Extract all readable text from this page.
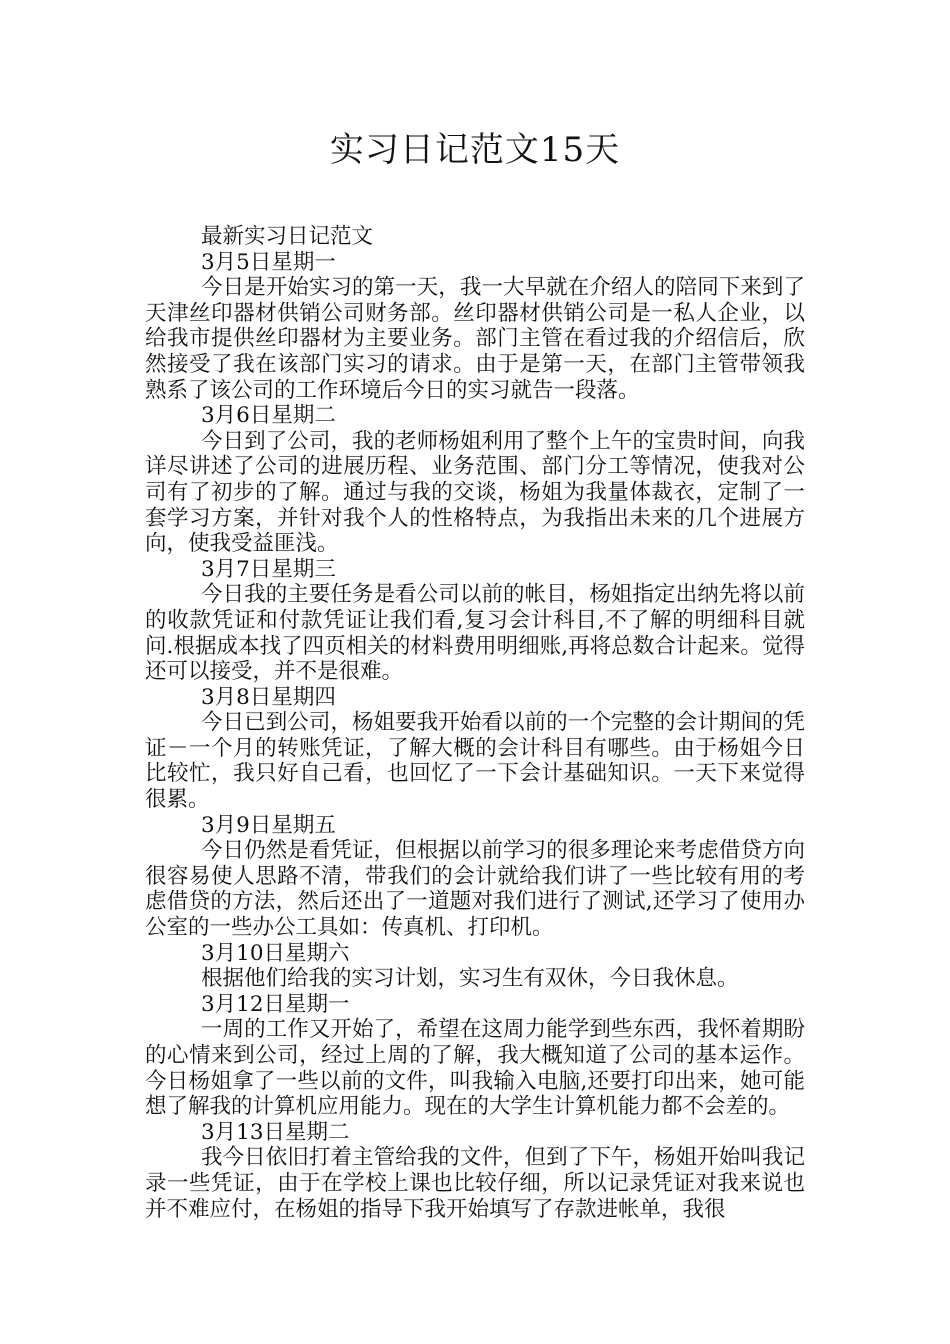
实习日记范文15天

最新实习日记范文

3月5日星期一

今日是开始实习的第一天，我一大早就在介绍人的陪同下来到了天津丝印器材供销公司财务部。丝印器材供销公司是一私人企业，以给我市提供丝印器材为主要业务。部门主管在看过我的介绍信后，欣然接受了我在该部门实习的请求。由于是第一天，在部门主管带领我熟系了该公司的工作环境后今日的实习就告一段落。

3月6日星期二

今日到了公司，我的老师杨姐利用了整个上午的宝贵时间，向我详尽讲述了公司的进展历程、业务范围、部门分工等情况，使我对公司有了初步的了解。通过与我的交谈，杨姐为我量体裁衣，定制了一套学习方案，并针对我个人的性格特点，为我指出未来的几个进展方向，使我受益匪浅。

3月7日星期三

今日我的主要任务是看公司以前的帐目，杨姐指定出纳先将以前的收款凭证和付款凭证让我们看,复习会计科目,不了解的明细科目就问.根据成本找了四页相关的材料费用明细账,再将总数合计起来。觉得还可以接受，并不是很难。

3月8日星期四

今日已到公司，杨姐要我开始看以前的一个完整的会计期间的凭证－一个月的转账凭证，了解大概的会计科目有哪些。由于杨姐今日比较忙，我只好自己看，也回忆了一下会计基础知识。一天下来觉得很累。

3月9日星期五

今日仍然是看凭证，但根据以前学习的很多理论来考虑借贷方向很容易使人思路不清，带我们的会计就给我们讲了一些比较有用的考虑借贷的方法，然后还出了一道题对我们进行了测试,还学习了使用办公室的一些办公工具如：传真机、打印机。

3月10日星期六

根据他们给我的实习计划，实习生有双休，今日我休息。

3月12日星期一

一周的工作又开始了，希望在这周力能学到些东西，我怀着期盼的心情来到公司，经过上周的了解，我大概知道了公司的基本运作。今日杨姐拿了一些以前的文件，叫我输入电脑,还要打印出来，她可能想了解我的计算机应用能力。现在的大学生计算机能力都不会差的。

3月13日星期二

我今日依旧打着主管给我的文件，但到了下午，杨姐开始叫我记录一些凭证，由于在学校上课也比较仔细，所以记录凭证对我来说也并不难应付，在杨姐的指导下我开始填写了存款进帐单，我很
